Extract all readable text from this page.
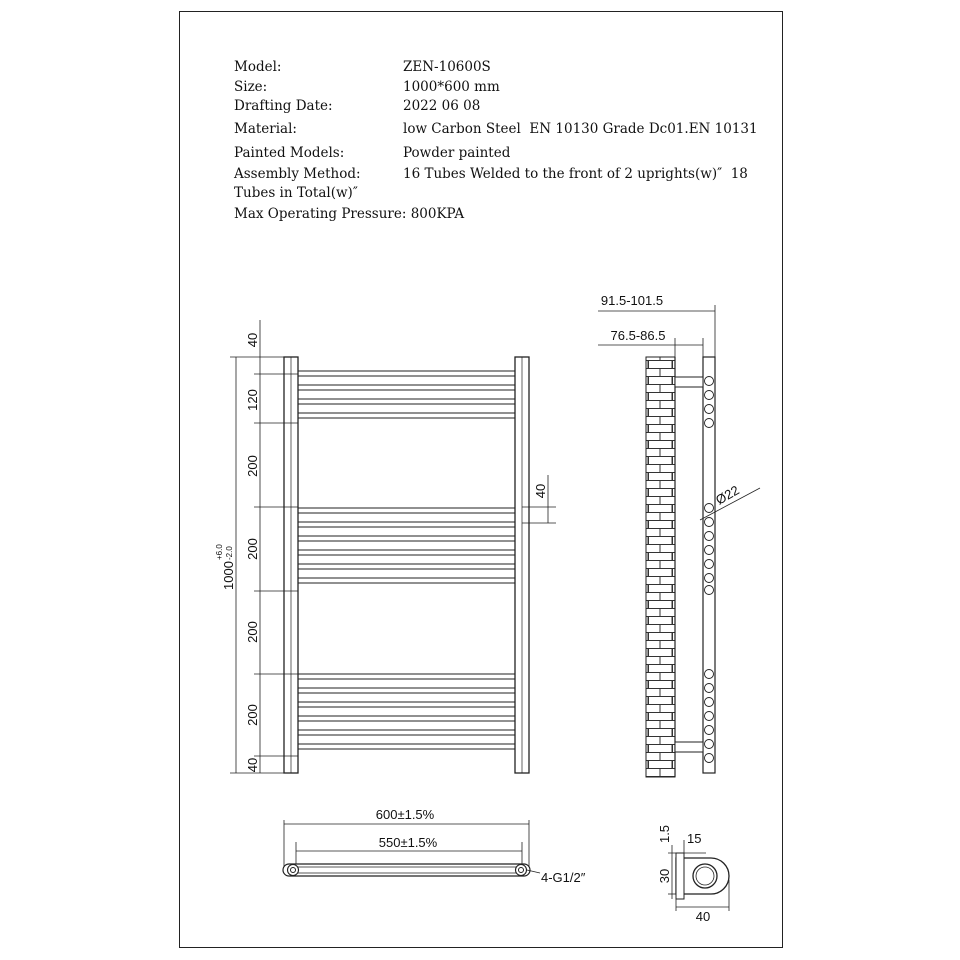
Model:

	ZEN-10600S

Size:

	1000*600 mm

Drafting Date:

	2022 06 08

Material:

	low Carbon Steel  EN 10130 Grade Dc01.EN 10131

Painted Models:

	Powder painted

Assembly Method:

	16 Tubes Welded to the front of 2 uprights(w)″  18

Tubes in Total(w)″

Max Operating Pressure: 800KPA

40
120
200
200
200
200
40
1000
+6.0 -2.0
40
91.5-101.5
76.5-86.5
Ø22
600±1.5%
550±1.5%
4-G1/2″
1.5 15
30
40
